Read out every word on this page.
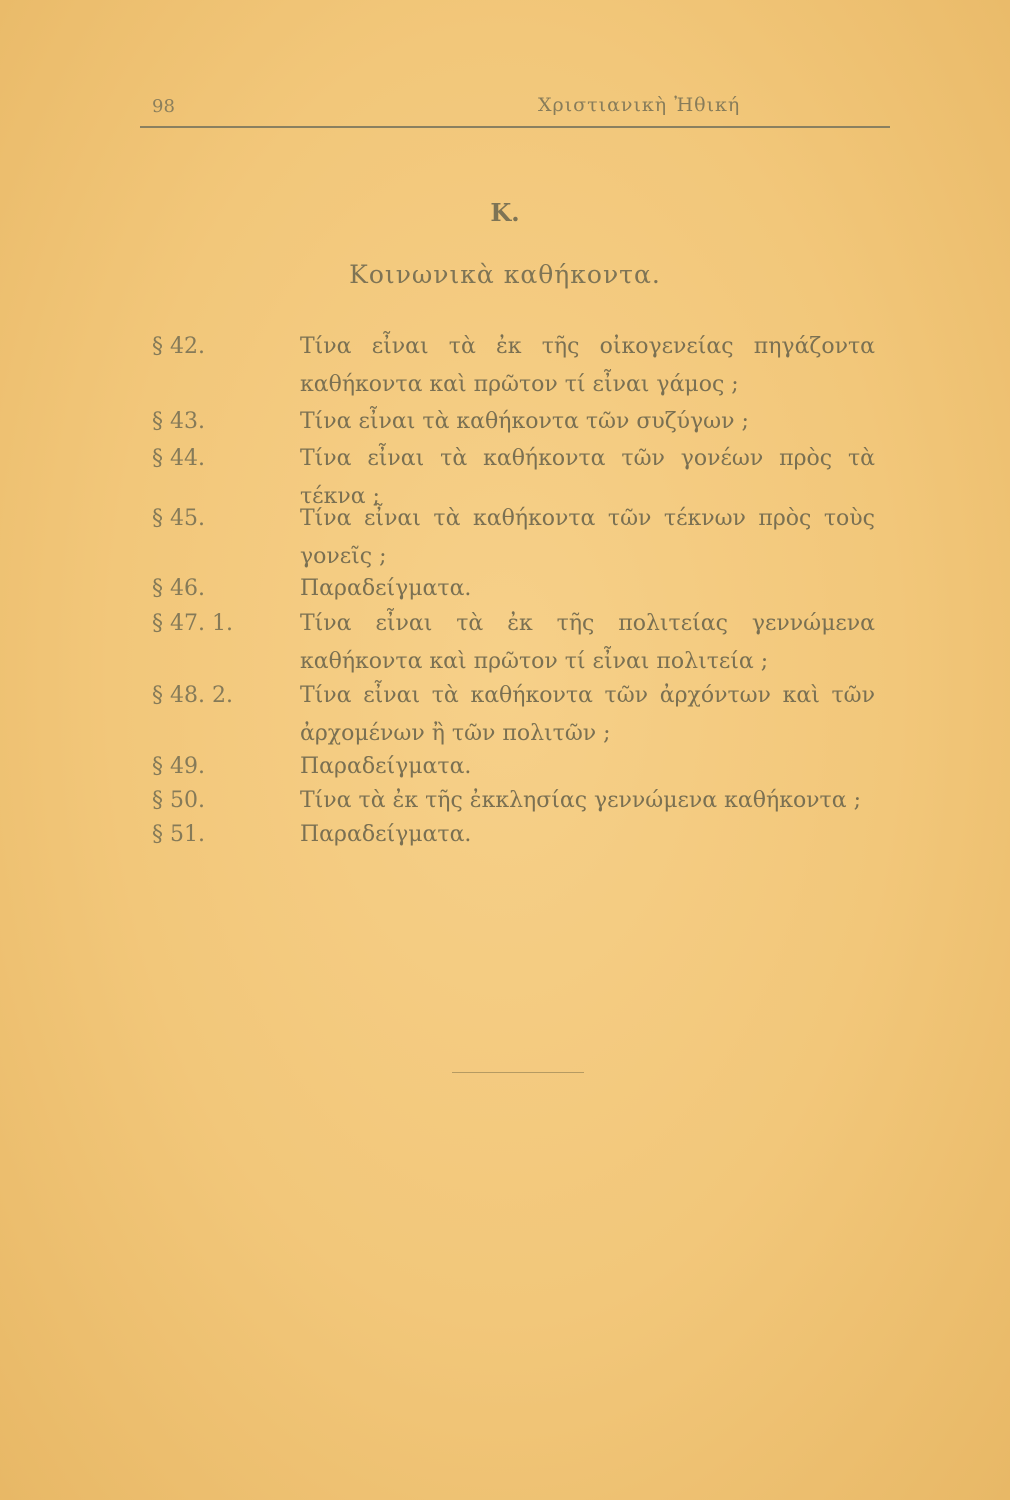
98	Χριστιανικὴ Ἠθική
Κ.
Κοινωνικὰ καθήκοντα.
§ 42.	Τίνα εἶναι τὰ ἐκ τῆς οἰκογενείας πηγάζοντα καθήκοντα καὶ πρῶτον τί εἶναι γάμος ;
§ 43.	Τίνα εἶναι τὰ καθήκοντα τῶν συζύγων ;
§ 44.	Τίνα εἶναι τὰ καθήκοντα τῶν γονέων πρὸς τὰ τέκνα ;
§ 45.	Τίνα εἶναι τὰ καθήκοντα τῶν τέκνων πρὸς τοὺς γονεῖς ;
§ 46.	Παραδείγματα.
§ 47. 1.	Τίνα εἶναι τὰ ἐκ τῆς πολιτείας γεννώμενα καθήκοντα καὶ πρῶτον τί εἶναι πολιτεία ;
§ 48. 2.	Τίνα εἶναι τὰ καθήκοντα τῶν ἀρχόντων καὶ τῶν ἀρχομένων ἢ τῶν πολιτῶν ;
§ 49.	Παραδείγματα.
§ 50.	Τίνα τὰ ἐκ τῆς ἐκκλησίας γεννώμενα καθήκοντα ;
§ 51.	Παραδείγματα.
